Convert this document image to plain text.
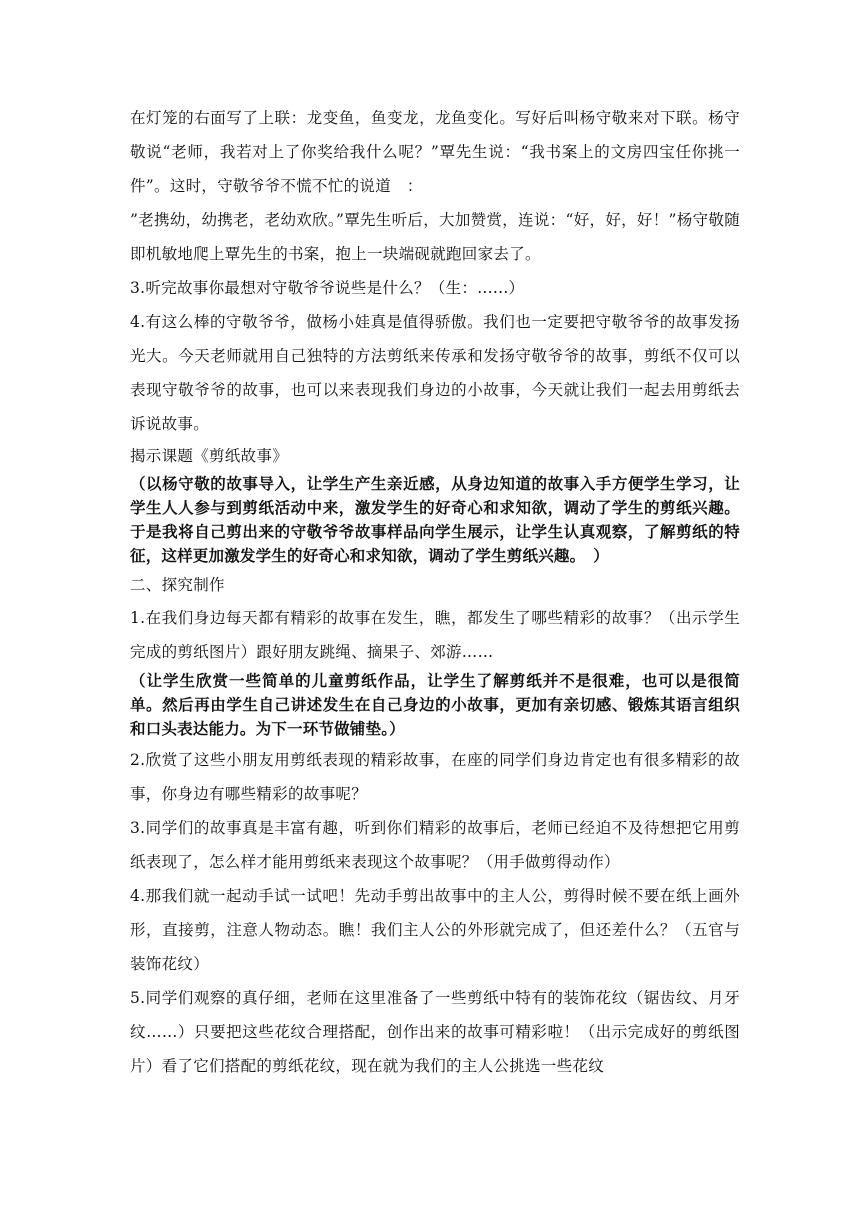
在灯笼的右面写了上联：龙变鱼，鱼变龙，龙鱼变化。写好后叫杨守敬来对下联。杨守敬说“老师，我若对上了你奖给我什么呢？”覃先生说：“我书案上的文房四宝任你挑一件”。这时，守敬爷爷不慌不忙的说道　：

”老携幼，幼携老，老幼欢欣。”覃先生听后，大加赞赏，连说：“好，好，好！”杨守敬随即机敏地爬上覃先生的书案，抱上一块端砚就跑回家去了。

3.听完故事你最想对守敬爷爷说些是什么？（生：......）

4.有这么棒的守敬爷爷，做杨小娃真是值得骄傲。我们也一定要把守敬爷爷的故事发扬光大。今天老师就用自己独特的方法剪纸来传承和发扬守敬爷爷的故事，剪纸不仅可以表现守敬爷爷的故事，也可以来表现我们身边的小故事，今天就让我们一起去用剪纸去诉说故事。

揭示课题《剪纸故事》

（以杨守敬的故事导入，让学生产生亲近感，从身边知道的故事入手方便学生学习，让学生人人参与到剪纸活动中来，激发学生的好奇心和求知欲，调动了学生的剪纸兴趣。于是我将自己剪出来的守敬爷爷故事样品向学生展示，让学生认真观察，了解剪纸的特征，这样更加激发学生的好奇心和求知欲，调动了学生剪纸兴趣。　）

二、探究制作

1.在我们身边每天都有精彩的故事在发生，瞧，都发生了哪些精彩的故事？（出示学生完成的剪纸图片）跟好朋友跳绳、摘果子、郊游……

（让学生欣赏一些简单的儿童剪纸作品，让学生了解剪纸并不是很难，也可以是很简单。然后再由学生自己讲述发生在自己身边的小故事，更加有亲切感、锻炼其语言组织和口头表达能力。为下一环节做铺垫。）

2.欣赏了这些小朋友用剪纸表现的精彩故事，在座的同学们身边肯定也有很多精彩的故事，你身边有哪些精彩的故事呢？

3.同学们的故事真是丰富有趣，听到你们精彩的故事后，老师已经迫不及待想把它用剪纸表现了，怎么样才能用剪纸来表现这个故事呢？（用手做剪得动作）

4.那我们就一起动手试一试吧！先动手剪出故事中的主人公，剪得时候不要在纸上画外形，直接剪，注意人物动态。瞧！我们主人公的外形就完成了，但还差什么？（五官与装饰花纹）

5.同学们观察的真仔细，老师在这里准备了一些剪纸中特有的装饰花纹（锯齿纹、月牙纹……）只要把这些花纹合理搭配，创作出来的故事可精彩啦！（出示完成好的剪纸图片）看了它们搭配的剪纸花纹，现在就为我们的主人公挑选一些花纹
